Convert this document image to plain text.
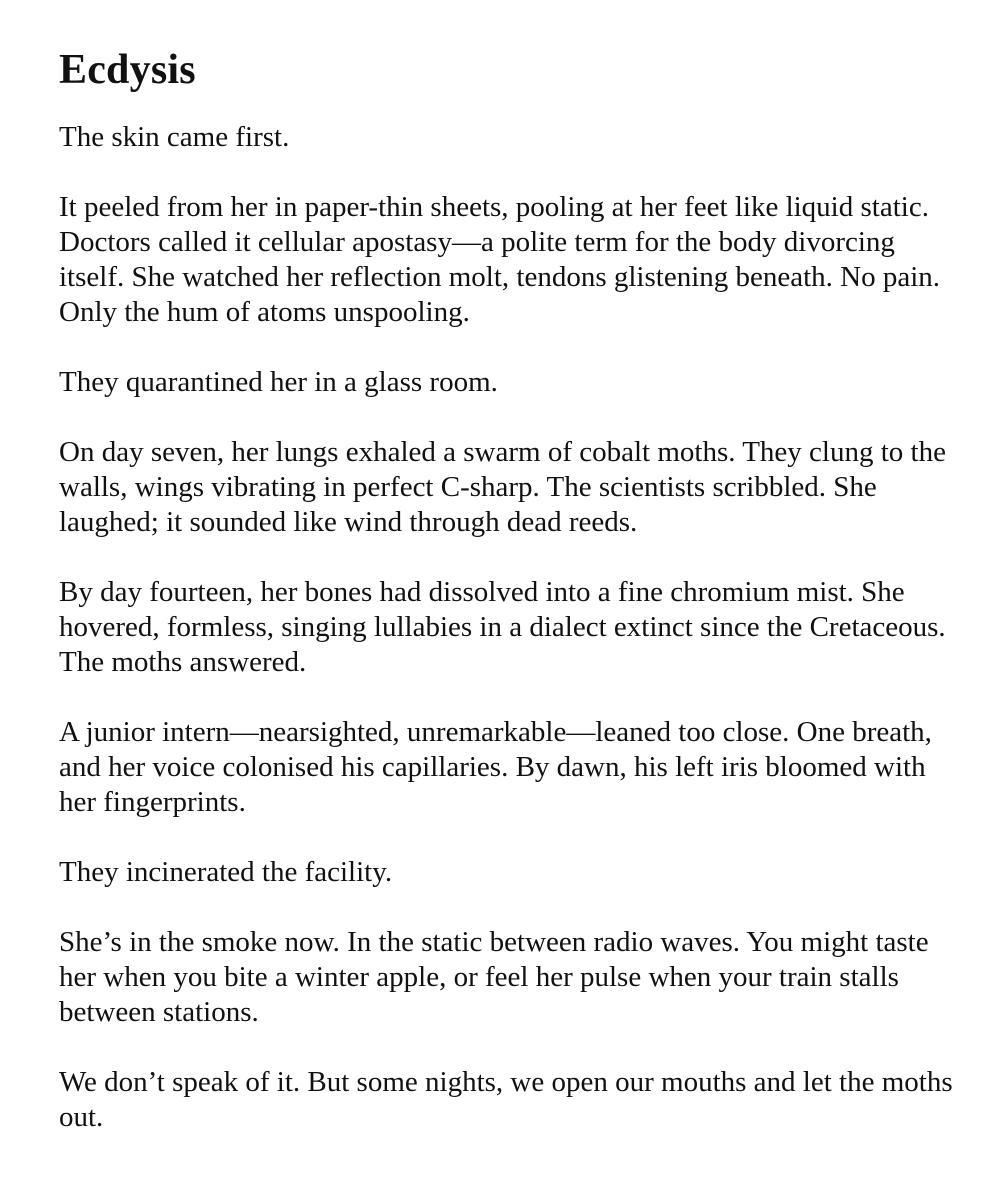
Ecdysis

The skin came first.

It peeled from her in paper-thin sheets, pooling at her feet like liquid static. Doctors called it cellular apostasy—a polite term for the body divorcing itself. She watched her reflection molt, tendons glistening beneath. No pain. Only the hum of atoms unspooling.

They quarantined her in a glass room.

On day seven, her lungs exhaled a swarm of cobalt moths. They clung to the walls, wings vibrating in perfect C-sharp. The scientists scribbled. She laughed; it sounded like wind through dead reeds.

By day fourteen, her bones had dissolved into a fine chromium mist. She hovered, formless, singing lullabies in a dialect extinct since the Cretaceous. The moths answered.

A junior intern—nearsighted, unremarkable—leaned too close. One breath, and her voice colonised his capillaries. By dawn, his left iris bloomed with her fingerprints.

They incinerated the facility.

She’s in the smoke now. In the static between radio waves. You might taste her when you bite a winter apple, or feel her pulse when your train stalls between stations.

We don’t speak of it. But some nights, we open our mouths and let the moths out.
